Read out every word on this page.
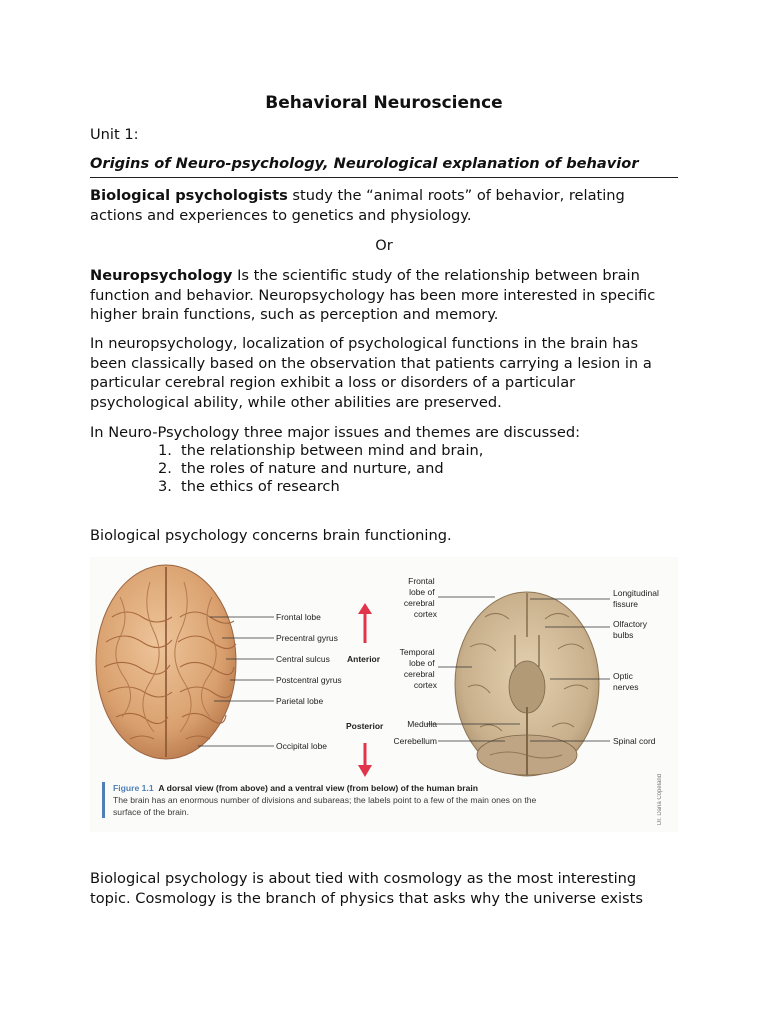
Behavioral Neuroscience
Unit 1:
Origins of Neuro-psychology, Neurological explanation of behavior
Biological psychologists study the “animal roots” of behavior, relating actions and experiences to genetics and physiology.
Or
Neuropsychology Is the scientific study of the relationship between brain function and behavior. Neuropsychology has been more interested in specific higher brain functions, such as perception and memory.
In neuropsychology, localization of psychological functions in the brain has been classically based on the observation that patients carrying a lesion in a particular cerebral region exhibit a loss or disorders of a particular psychological ability, while other abilities are preserved.
In Neuro-Psychology three major issues and themes are discussed:
1. the relationship between mind and brain,
2. the roles of nature and nurture, and
3. the ethics of research
Biological psychology concerns brain functioning.
Biological psychology is about tied with cosmology as the most interesting topic. Cosmology is the branch of physics that asks why the universe exists
Frontal lobe
Precentral gyrus
Central sulcus
Postcentral gyrus
Parietal lobe
Occipital lobe
Anterior
Posterior
Frontal lobe of cerebral cortex
Temporal lobe of cerebral cortex
Medulla
Cerebellum
Longitudinal fissure
Olfactory bulbs
Optic nerves
Spinal cord
Dr. Dana Copeland
Figure 1.1 A dorsal view (from above) and a ventral view (from below) of the human brain
The brain has an enormous number of divisions and subareas; the labels point to a few of the main ones on the surface of the brain.
